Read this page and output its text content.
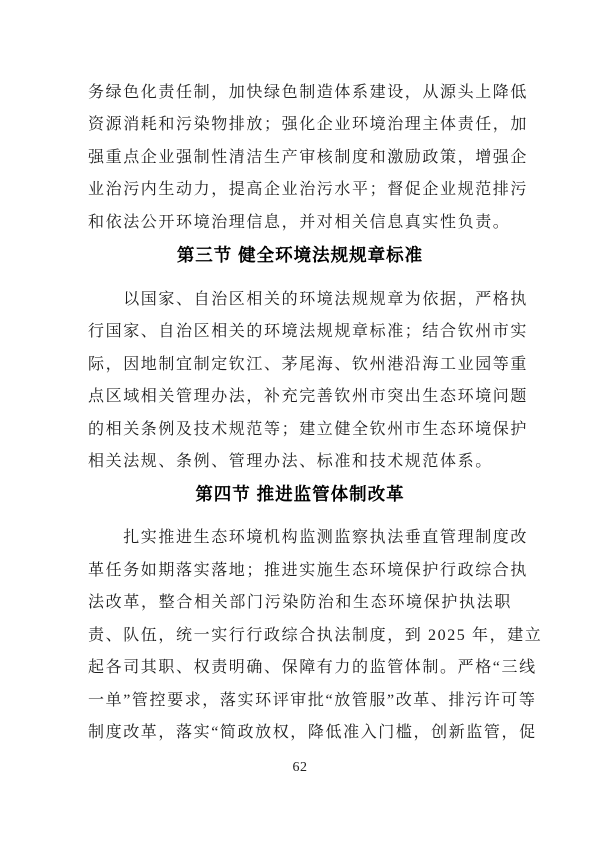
务绿色化责任制，加快绿色制造体系建设，从源头上降低
资源消耗和污染物排放；强化企业环境治理主体责任，加
强重点企业强制性清洁生产审核制度和激励政策，增强企
业治污内生动力，提高企业治污水平；督促企业规范排污
和依法公开环境治理信息，并对相关信息真实性负责。
第三节 健全环境法规规章标准
　　以国家、自治区相关的环境法规规章为依据，严格执
行国家、自治区相关的环境法规规章标准；结合钦州市实
际，因地制宜制定钦江、茅尾海、钦州港沿海工业园等重
点区域相关管理办法，补充完善钦州市突出生态环境问题
的相关条例及技术规范等；建立健全钦州市生态环境保护
相关法规、条例、管理办法、标准和技术规范体系。
第四节 推进监管体制改革
　　扎实推进生态环境机构监测监察执法垂直管理制度改
革任务如期落实落地；推进实施生态环境保护行政综合执
法改革，整合相关部门污染防治和生态环境保护执法职
责、队伍，统一实行行政综合执法制度，到 2025 年，建立
起各司其职、权责明确、保障有力的监管体制。严格“三线
一单”管控要求，落实环评审批“放管服”改革、排污许可等
制度改革，落实“简政放权，降低准入门槛，创新监管，促
62
